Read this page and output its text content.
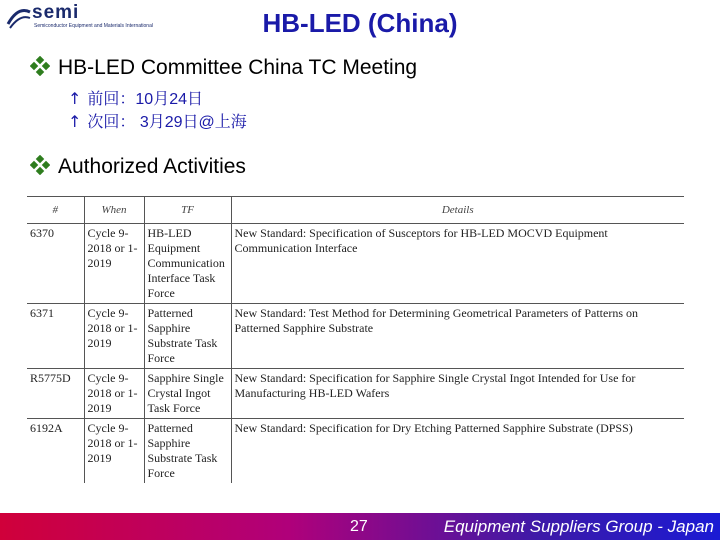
semi
Semiconductor Equipment and Materials International	HB-LED (China)
HB-LED Committee China TC Meeting
↑ 前回：10月24日
↑ 次回： 3月29日@上海
Authorized Activities
#	When	TF	Details
6370	Cycle 9-2018 or 1-2019	HB-LED Equipment Communication Interface Task Force	New Standard: Specification of Susceptors for HB-LED MOCVD Equipment Communication Interface
6371	Cycle 9-2018 or 1-2019	Patterned Sapphire Substrate Task Force	New Standard: Test Method for Determining Geometrical Parameters of Patterns on Patterned Sapphire Substrate
R5775D	Cycle 9-2018 or 1-2019	Sapphire Single Crystal Ingot Task Force	New Standard: Specification for Sapphire Single Crystal Ingot Intended for Use for Manufacturing HB-LED Wafers
6192A	Cycle 9-2018 or 1-2019	Patterned Sapphire Substrate Task Force	New Standard: Specification for Dry Etching Patterned Sapphire Substrate (DPSS)
27	Equipment Suppliers Group - Japan
